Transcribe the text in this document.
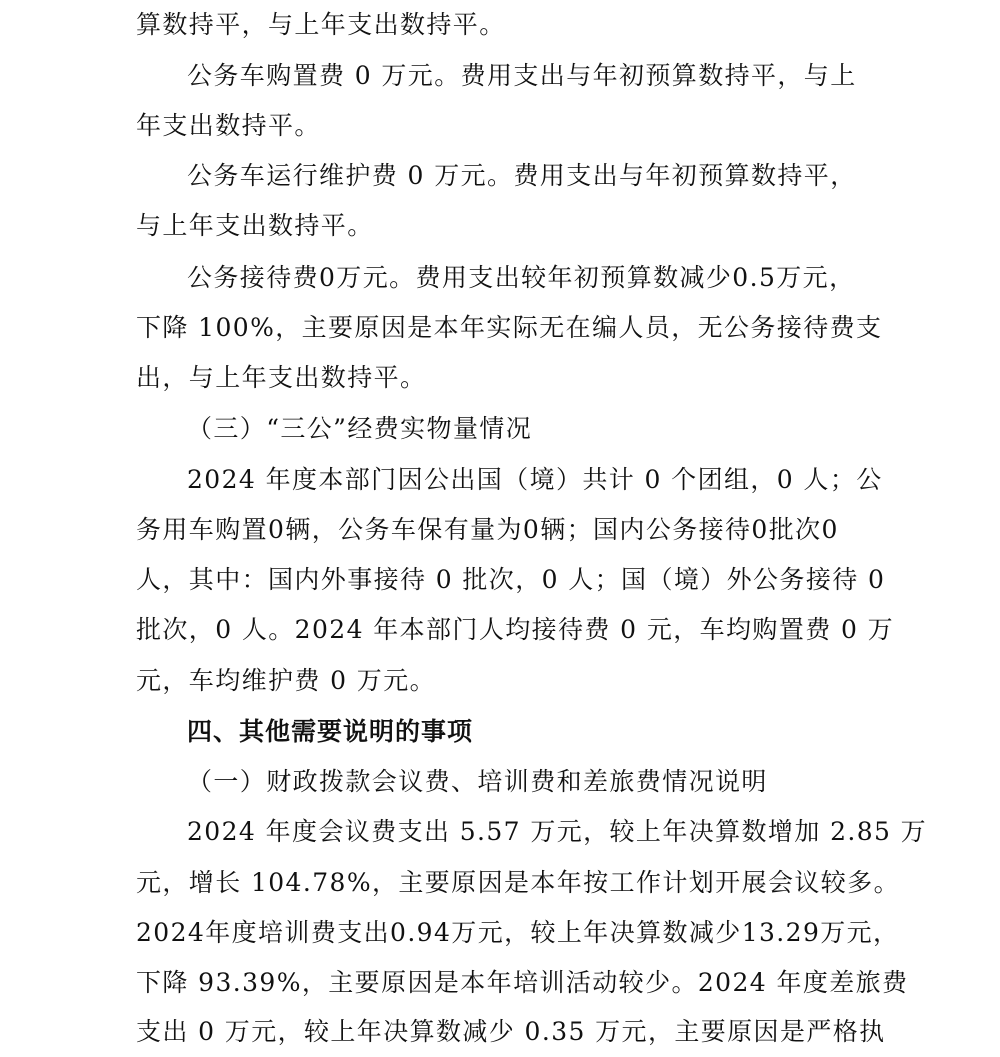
算数持平，与上年支出数持平。
公务车购置费 0 万元。费用支出与年初预算数持平，与上
年支出数持平。
公务车运行维护费 0 万元。费用支出与年初预算数持平，
与上年支出数持平。
公务接待费0万元。费用支出较年初预算数减少0.5万元，
下降 100%，主要原因是本年实际无在编人员，无公务接待费支
出，与上年支出数持平。
（三）“三公”经费实物量情况
2024 年度本部门因公出国（境）共计 0 个团组，0 人；公
务用车购置0辆，公务车保有量为0辆；国内公务接待0批次0
人，其中：国内外事接待 0 批次，0 人；国（境）外公务接待 0
批次，0 人。2024 年本部门人均接待费 0 元，车均购置费 0 万
元，车均维护费 0 万元。
四、其他需要说明的事项
（一）财政拨款会议费、培训费和差旅费情况说明
2024 年度会议费支出 5.57 万元，较上年决算数增加 2.85 万
元，增长 104.78%，主要原因是本年按工作计划开展会议较多。
2024年度培训费支出0.94万元，较上年决算数减少13.29万元，
下降 93.39%，主要原因是本年培训活动较少。2024 年度差旅费
支出 0 万元，较上年决算数减少 0.35 万元，主要原因是严格执
